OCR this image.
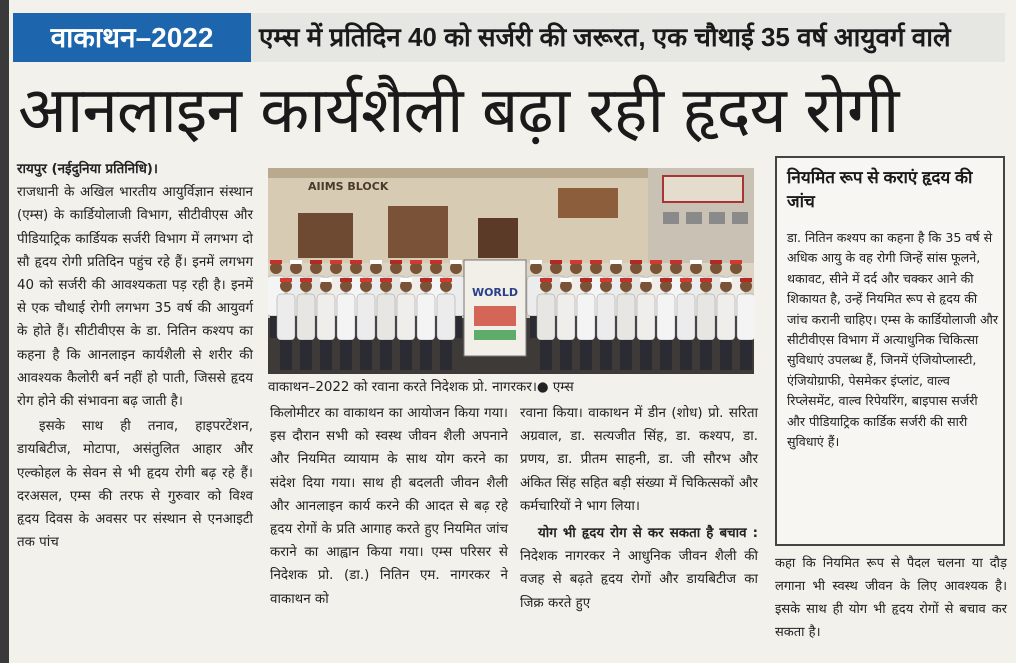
वाकाथन–2022	एम्स में प्रतिदिन 40 को सर्जरी की जरूरत, एक चौथाई 35 वर्ष आयुवर्ग वाले
आनलाइन कार्यशैली बढ़ा रही हृदय रोगी

रायपुर (नईदुनिया प्रतिनिधि)।

राजधानी के अखिल भारतीय आयुर्विज्ञान संस्थान (एम्स) के कार्डियोलाजी विभाग, सीटीवीएस और पीडियाट्रिक कार्डियक सर्जरी विभाग में लगभग दो सौ हृदय रोगी प्रतिदिन पहुंच रहे हैं। इनमें लगभग 40 को सर्जरी की आवश्यकता पड़ रही है। इनमें से एक चौथाई रोगी लगभग 35 वर्ष की आयुवर्ग के होते हैं। सीटीवीएस के डा. नितिन कश्यप का कहना है कि आनलाइन कार्यशैली से शरीर की आवश्यक कैलोरी बर्न नहीं हो पाती, जिससे हृदय रोग होने की संभावना बढ़ जाती है।

इसके साथ ही तनाव, हाइपरटेंशन, डायबिटीज, मोटापा, असंतुलित आहार और एल्कोहल के सेवन से भी हृदय रोगी बढ़ रहे हैं। दरअसल, एम्स की तरफ से गुरुवार को विश्व हृदय दिवस के अवसर पर संस्थान से एनआइटी तक पांच

AIIMS BLOCK
WORLD
वाकाथन–2022 को रवाना करते निदेशक प्रो. नागरकर।● एम्स

किलोमीटर का वाकाथन का आयोजन किया गया। इस दौरान सभी को स्वस्थ जीवन शैली अपनाने और नियमित व्यायाम के साथ योग करने का संदेश दिया गया। साथ ही बदलती जीवन शैली और आनलाइन कार्य करने की आदत से बढ़ रहे हृदय रोगों के प्रति आगाह करते हुए नियमित जांच कराने का आह्वान किया गया। एम्स परिसर से निदेशक प्रो. (डा.) नितिन एम. नागरकर ने वाकाथन को

रवाना किया। वाकाथन में डीन (शोध) प्रो. सरिता अग्रवाल, डा. सत्यजीत सिंह, डा. कश्यप, डा. प्रणय, डा. प्रीतम साहनी, डा. जी सौरभ और अंकित सिंह सहित बड़ी संख्या में चिकित्सकों और कर्मचारियों ने भाग लिया।

योग भी हृदय रोग से कर सकता है बचाव : निदेशक नागरकर ने आधुनिक जीवन शैली की वजह से बढ़ते हृदय रोगों और डायबिटीज का जिक्र करते हुए

नियमित रूप से कराएं हृदय की जांच
डा. नितिन कश्यप का कहना है कि 35 वर्ष से अधिक आयु के वह रोगी जिन्हें सांस फूलने, थकावट, सीने में दर्द और चक्कर आने की शिकायत है, उन्हें नियमित रूप से हृदय की जांच करानी चाहिए। एम्स के कार्डियोलाजी और सीटीवीएस विभाग में अत्याधुनिक चिकित्सा सुविधाएं उपलब्ध हैं, जिनमें एंजियोप्लास्टी, एंजियोग्राफी, पेसमेकर इंप्लांट, वाल्व रिप्लेसमेंट, वाल्व रिपेयरिंग, बाइपास सर्जरी और पीडियाट्रिक कार्डिक सर्जरी की सारी सुविधाएं हैं।

कहा कि नियमित रूप से पैदल चलना या दौड़ लगाना भी स्वस्थ जीवन के लिए आवश्यक है। इसके साथ ही योग भी हृदय रोगों से बचाव कर सकता है।
